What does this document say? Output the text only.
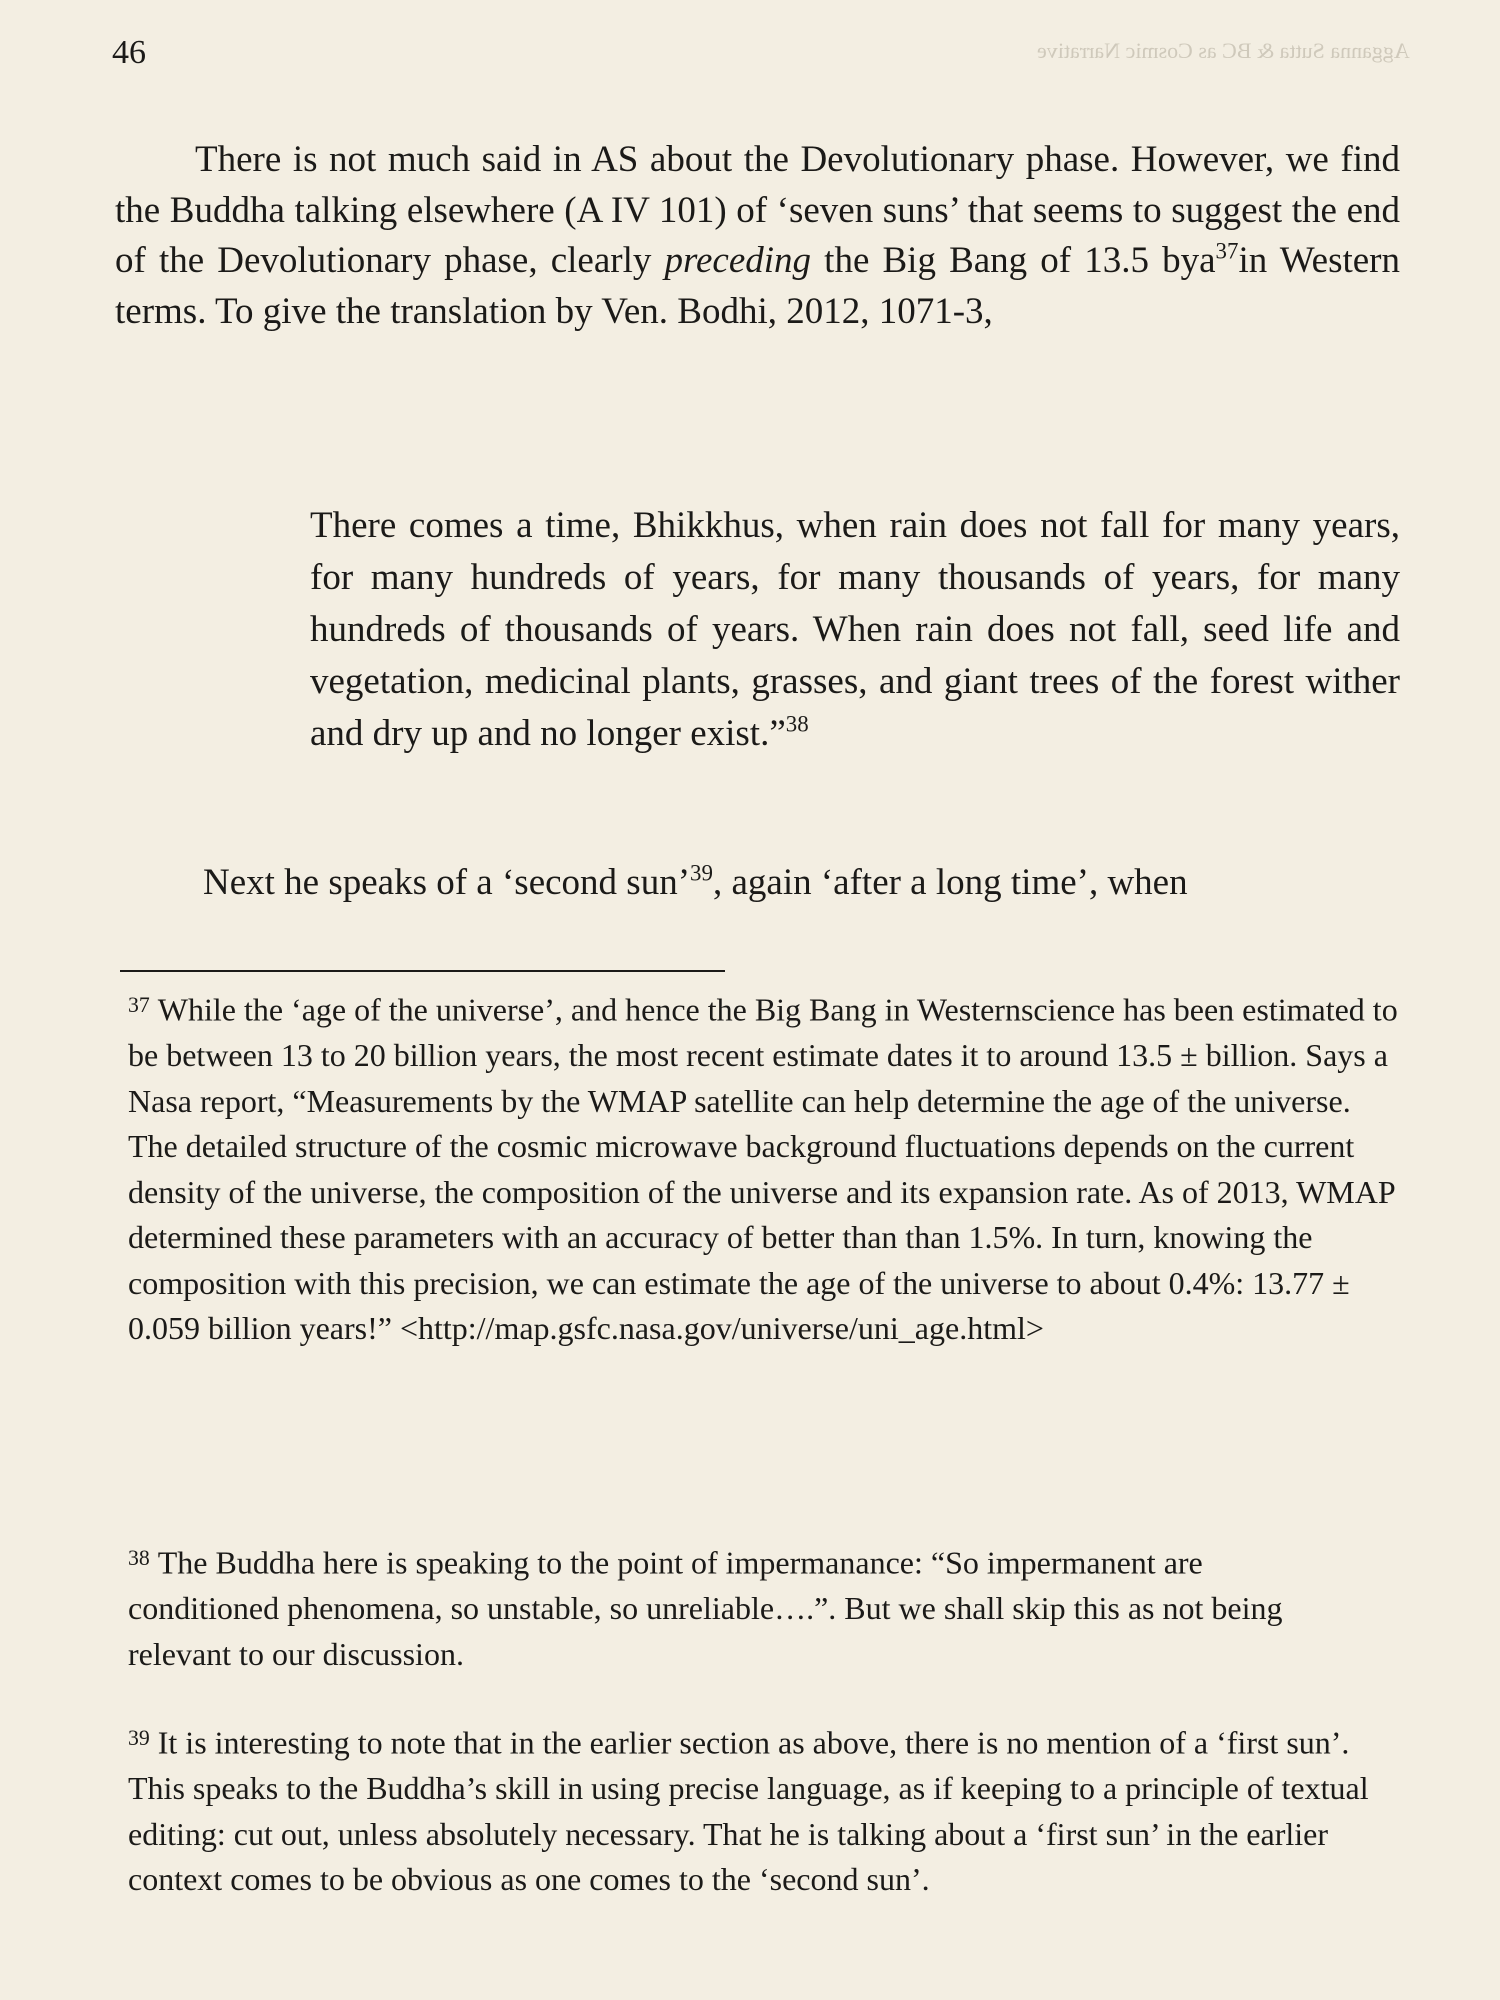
Agganna Sutta & BC as Cosmic Narrative
46

There is not much said in AS about the Devolutionary phase. However, we find the Buddha talking elsewhere (A IV 101) of ‘seven suns’ that seems to suggest the end of the Devolutionary phase, clearly preceding the Big Bang of 13.5 bya$^{37}$in Western terms. To give the translation by Ven. Bodhi, 2012, 1071-3,

There comes a time, Bhikkhus, when rain does not fall for many years, for many hundreds of years, for many thousands of years, for many hundreds of thousands of years. When rain does not fall, seed life and vegetation, medicinal plants, grasses, and giant trees of the forest wither and dry up and no longer exist.”$^{38}$

Next he speaks of a ‘second sun’$^{39}$, again ‘after a long time’, when

$^{37}$ While the ‘age of the universe’, and hence the Big Bang in Westernscience has been estimated to be between 13 to 20 billion years, the most recent estimate dates it to around 13.5 ± billion. Says a Nasa report, “Measurements by the WMAP satellite can help determine the age of the universe. The detailed structure of the cosmic microwave background fluctuations depends on the current density of the universe, the composition of the universe and its expansion rate. As of 2013, WMAP determined these parameters with an accuracy of better than than 1.5%. In turn, knowing the composition with this precision, we can estimate the age of the universe to about 0.4%: 13.77 ± 0.059 billion years!” <http://map.gsfc.nasa.gov/universe/uni_age.html>

$^{38}$ The Buddha here is speaking to the point of impermanance: “So impermanent are conditioned phenomena, so unstable, so unreliable….”. But we shall skip this as not being relevant to our discussion.

$^{39}$ It is interesting to note that in the earlier section as above, there is no mention of a ‘first sun’. This speaks to the Buddha’s skill in using precise language, as if keeping to a principle of textual editing: cut out, unless absolutely necessary. That he is talking about a ‘first sun’ in the earlier context comes to be obvious as one comes to the ‘second sun’.
